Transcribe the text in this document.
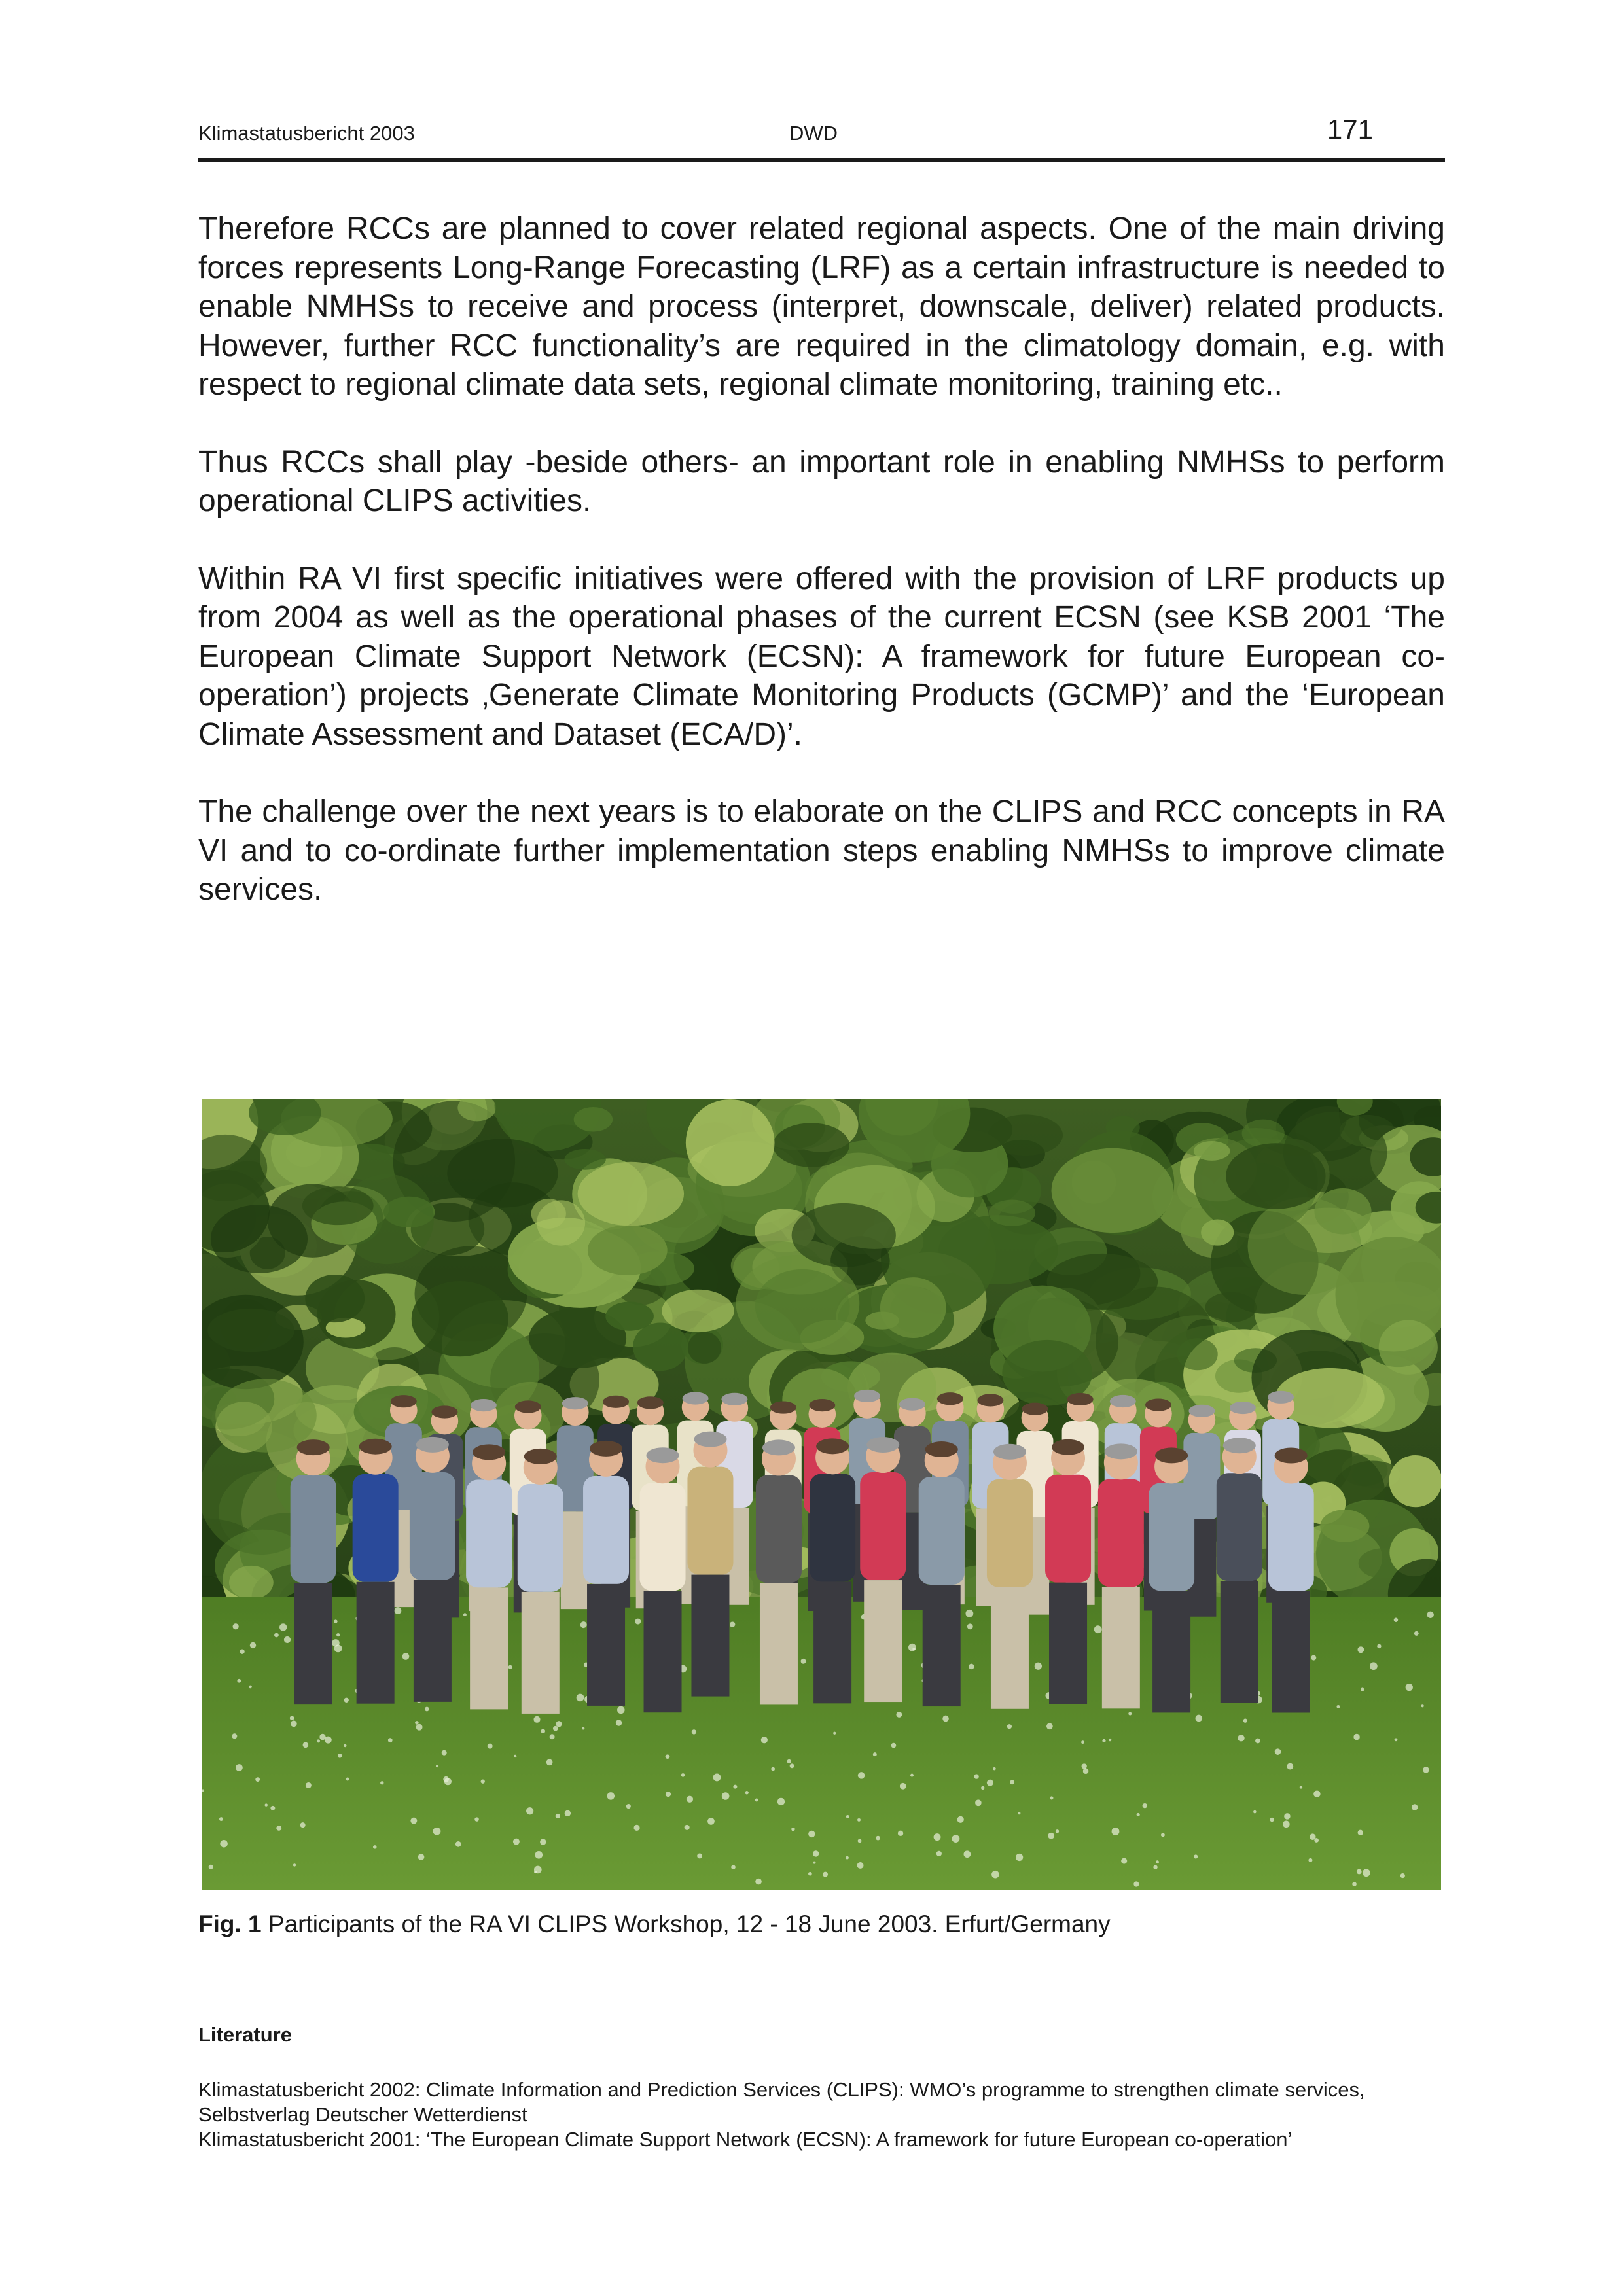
Klimastatusbericht 2003	DWD	171

Therefore RCCs are planned to cover related regional aspects. One of the main driving forces represents Long-Range Forecasting (LRF) as a certain infrastructure is needed to enable NMHSs to receive and process (interpret, downscale, deliver) related products. However, further RCC functionality’s are required in the climatology domain, e.g. with respect to regional climate data sets, regional climate monitoring, training etc..

Thus RCCs shall play -beside others- an important role in enabling NMHSs to perform operational CLIPS activities.

Within RA VI first specific initiatives were offered with the provision of LRF products up from 2004 as well as the operational phases of the current ECSN (see KSB 2001 ‘The European Climate Support Network (ECSN): A framework for future European co-operation’) projects ‚Generate Climate Monitoring Products (GCMP)’ and the ‘European Climate Assessment and Dataset (ECA/D)’.

The challenge over the next years is to elaborate on the CLIPS and RCC concepts in RA VI and to co-ordinate further implementation steps enabling NMHSs to improve climate services.

Fig. 1 Participants of the RA VI CLIPS Workshop, 12 - 18 June 2003. Erfurt/Germany
Literature
Klimastatusbericht 2002: Climate Information and Prediction Services (CLIPS): WMO’s programme to strengthen climate services, Selbstverlag Deutscher Wetterdienst
Klimastatusbericht 2001: ‘The European Climate Support Network (ECSN): A framework for future European co-operation’
